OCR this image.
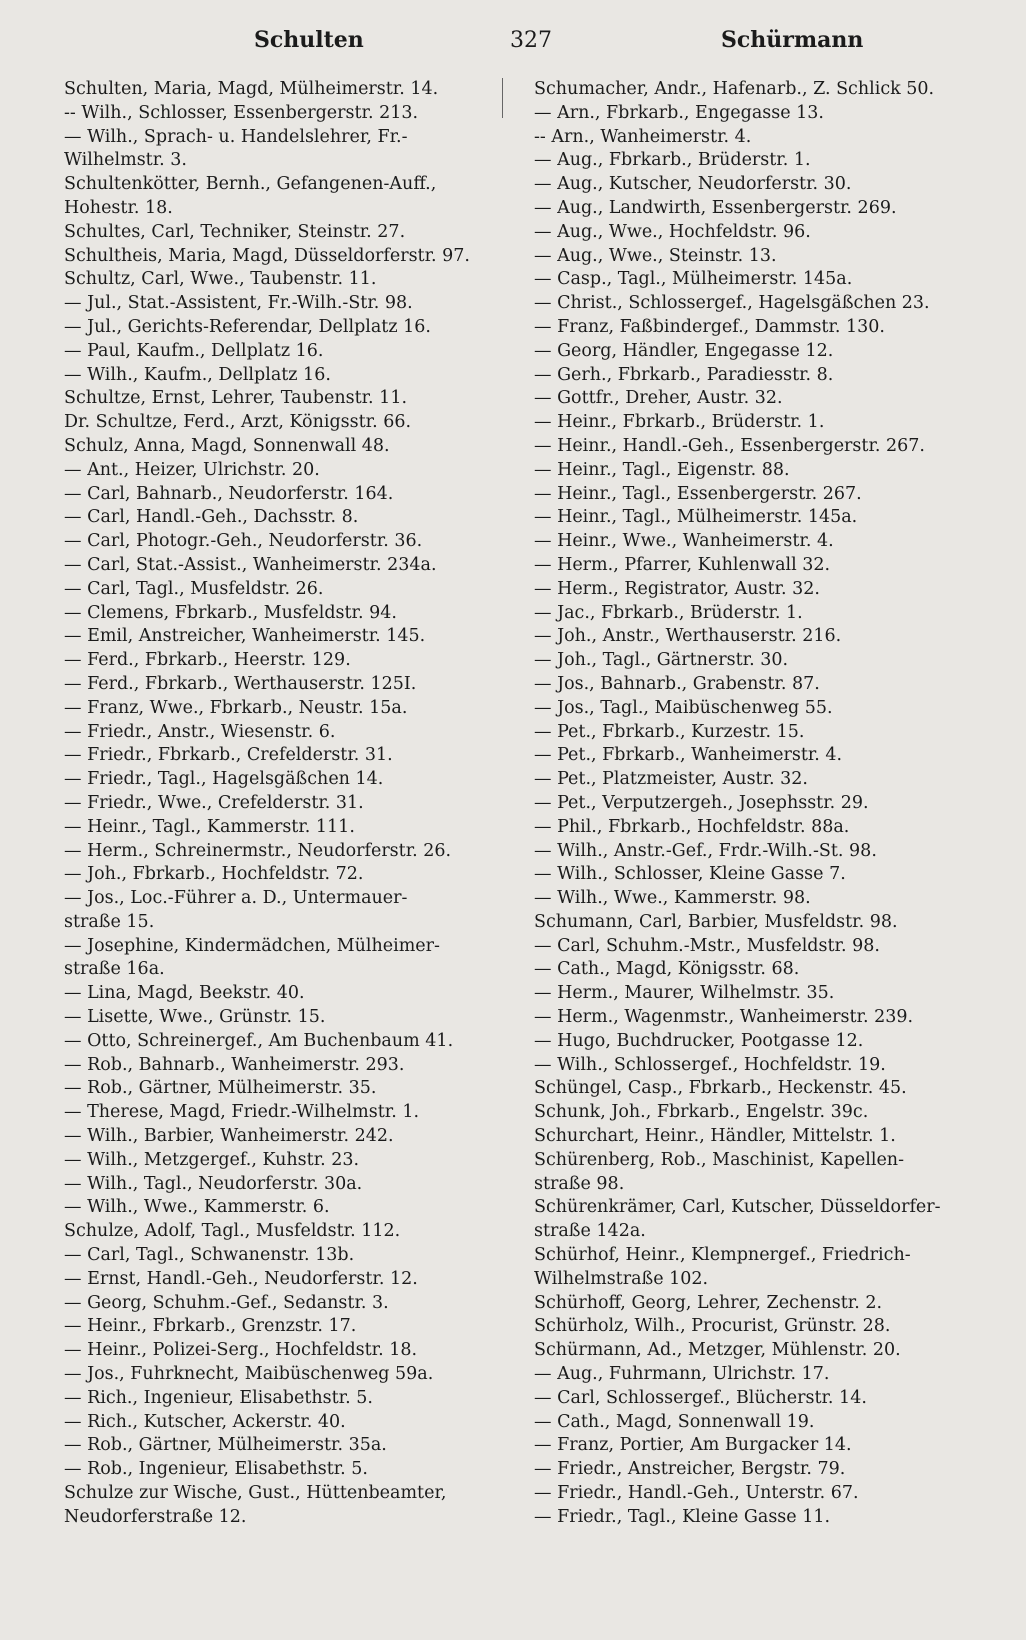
Schulten	327	Schürmann
Schulten, Maria, Magd, Mülheimerstr. 14.
-- Wilh., Schlosser, Essenbergerstr. 213.
— Wilh., Sprach- u. Handelslehrer, Fr.-
Wilhelmstr. 3.
Schultenkötter, Bernh., Gefangenen-Auff.,
Hohestr. 18.
Schultes, Carl, Techniker, Steinstr. 27.
Schultheis, Maria, Magd, Düsseldorferstr. 97.
Schultz, Carl, Wwe., Taubenstr. 11.
— Jul., Stat.-Assistent, Fr.-Wilh.-Str. 98.
— Jul., Gerichts-Referendar, Dellplatz 16.
— Paul, Kaufm., Dellplatz 16.
— Wilh., Kaufm., Dellplatz 16.
Schultze, Ernst, Lehrer, Taubenstr. 11.
Dr. Schultze, Ferd., Arzt, Königsstr. 66.
Schulz, Anna, Magd, Sonnenwall 48.
— Ant., Heizer, Ulrichstr. 20.
— Carl, Bahnarb., Neudorferstr. 164.
— Carl, Handl.-Geh., Dachsstr. 8.
— Carl, Photogr.-Geh., Neudorferstr. 36.
— Carl, Stat.-Assist., Wanheimerstr. 234a.
— Carl, Tagl., Musfeldstr. 26.
— Clemens, Fbrkarb., Musfeldstr. 94.
— Emil, Anstreicher, Wanheimerstr. 145.
— Ferd., Fbrkarb., Heerstr. 129.
— Ferd., Fbrkarb., Werthauserstr. 125I.
— Franz, Wwe., Fbrkarb., Neustr. 15a.
— Friedr., Anstr., Wiesenstr. 6.
— Friedr., Fbrkarb., Crefelderstr. 31.
— Friedr., Tagl., Hagelsgäßchen 14.
— Friedr., Wwe., Crefelderstr. 31.
— Heinr., Tagl., Kammerstr. 111.
— Herm., Schreinermstr., Neudorferstr. 26.
— Joh., Fbrkarb., Hochfeldstr. 72.
— Jos., Loc.-Führer a. D., Untermauer-
straße 15.
— Josephine, Kindermädchen, Mülheimer-
straße 16a.
— Lina, Magd, Beekstr. 40.
— Lisette, Wwe., Grünstr. 15.
— Otto, Schreinergef., Am Buchenbaum 41.
— Rob., Bahnarb., Wanheimerstr. 293.
— Rob., Gärtner, Mülheimerstr. 35.
— Therese, Magd, Friedr.-Wilhelmstr. 1.
— Wilh., Barbier, Wanheimerstr. 242.
— Wilh., Metzgergef., Kuhstr. 23.
— Wilh., Tagl., Neudorferstr. 30a.
— Wilh., Wwe., Kammerstr. 6.
Schulze, Adolf, Tagl., Musfeldstr. 112.
— Carl, Tagl., Schwanenstr. 13b.
— Ernst, Handl.-Geh., Neudorferstr. 12.
— Georg, Schuhm.-Gef., Sedanstr. 3.
— Heinr., Fbrkarb., Grenzstr. 17.
— Heinr., Polizei-Serg., Hochfeldstr. 18.
— Jos., Fuhrknecht, Maibüschenweg 59a.
— Rich., Ingenieur, Elisabethstr. 5.
— Rich., Kutscher, Ackerstr. 40.
— Rob., Gärtner, Mülheimerstr. 35a.
— Rob., Ingenieur, Elisabethstr. 5.
Schulze zur Wische, Gust., Hüttenbeamter,
Neudorferstraße 12.
Schumacher, Andr., Hafenarb., Z. Schlick 50.
— Arn., Fbrkarb., Engegasse 13.
-- Arn., Wanheimerstr. 4.
— Aug., Fbrkarb., Brüderstr. 1.
— Aug., Kutscher, Neudorferstr. 30.
— Aug., Landwirth, Essenbergerstr. 269.
— Aug., Wwe., Hochfeldstr. 96.
— Aug., Wwe., Steinstr. 13.
— Casp., Tagl., Mülheimerstr. 145a.
— Christ., Schlossergef., Hagelsgäßchen 23.
— Franz, Faßbindergef., Dammstr. 130.
— Georg, Händler, Engegasse 12.
— Gerh., Fbrkarb., Paradiesstr. 8.
— Gottfr., Dreher, Austr. 32.
— Heinr., Fbrkarb., Brüderstr. 1.
— Heinr., Handl.-Geh., Essenbergerstr. 267.
— Heinr., Tagl., Eigenstr. 88.
— Heinr., Tagl., Essenbergerstr. 267.
— Heinr., Tagl., Mülheimerstr. 145a.
— Heinr., Wwe., Wanheimerstr. 4.
— Herm., Pfarrer, Kuhlenwall 32.
— Herm., Registrator, Austr. 32.
— Jac., Fbrkarb., Brüderstr. 1.
— Joh., Anstr., Werthauserstr. 216.
— Joh., Tagl., Gärtnerstr. 30.
— Jos., Bahnarb., Grabenstr. 87.
— Jos., Tagl., Maibüschenweg 55.
— Pet., Fbrkarb., Kurzestr. 15.
— Pet., Fbrkarb., Wanheimerstr. 4.
— Pet., Platzmeister, Austr. 32.
— Pet., Verputzergeh., Josephsstr. 29.
— Phil., Fbrkarb., Hochfeldstr. 88a.
— Wilh., Anstr.-Gef., Frdr.-Wilh.-St. 98.
— Wilh., Schlosser, Kleine Gasse 7.
— Wilh., Wwe., Kammerstr. 98.
Schumann, Carl, Barbier, Musfeldstr. 98.
— Carl, Schuhm.-Mstr., Musfeldstr. 98.
— Cath., Magd, Königsstr. 68.
— Herm., Maurer, Wilhelmstr. 35.
— Herm., Wagenmstr., Wanheimerstr. 239.
— Hugo, Buchdrucker, Pootgasse 12.
— Wilh., Schlossergef., Hochfeldstr. 19.
Schüngel, Casp., Fbrkarb., Heckenstr. 45.
Schunk, Joh., Fbrkarb., Engelstr. 39c.
Schurchart, Heinr., Händler, Mittelstr. 1.
Schürenberg, Rob., Maschinist, Kapellen-
straße 98.
Schürenkrämer, Carl, Kutscher, Düsseldorfer-
straße 142a.
Schürhof, Heinr., Klempnergef., Friedrich-
Wilhelmstraße 102.
Schürhoff, Georg, Lehrer, Zechenstr. 2.
Schürholz, Wilh., Procurist, Grünstr. 28.
Schürmann, Ad., Metzger, Mühlenstr. 20.
— Aug., Fuhrmann, Ulrichstr. 17.
— Carl, Schlossergef., Blücherstr. 14.
— Cath., Magd, Sonnenwall 19.
— Franz, Portier, Am Burgacker 14.
— Friedr., Anstreicher, Bergstr. 79.
— Friedr., Handl.-Geh., Unterstr. 67.
— Friedr., Tagl., Kleine Gasse 11.
